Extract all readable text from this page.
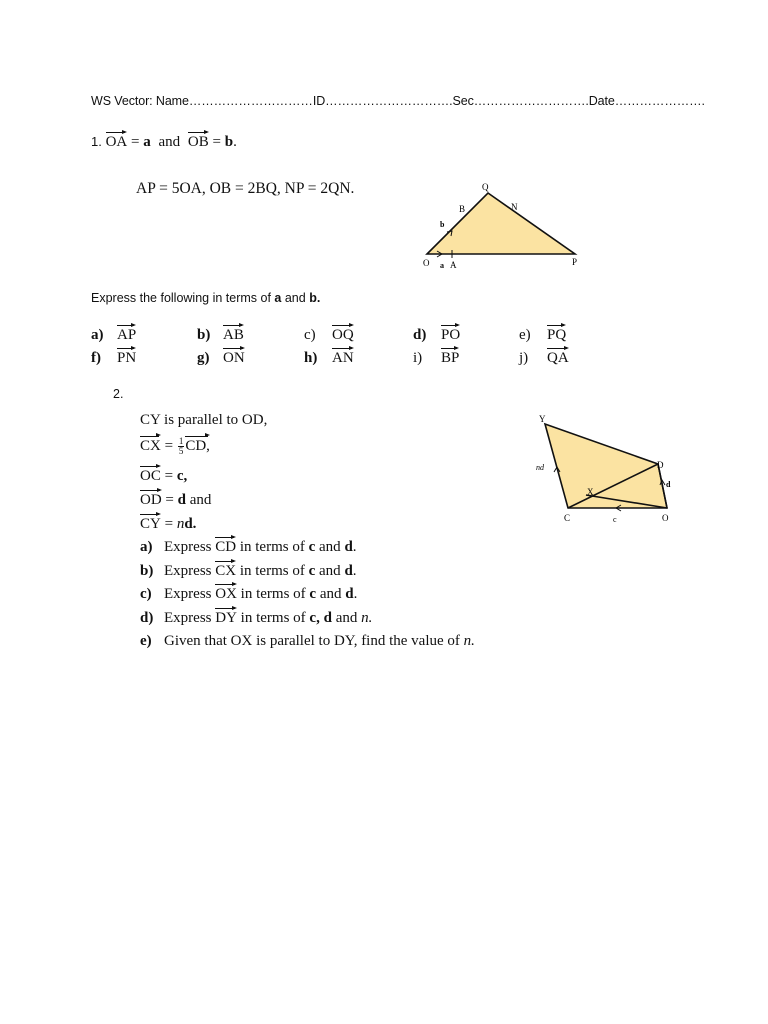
WS Vector: Name…………………………ID………………………….Sec……………………….Date………………….
1. OA = a and OB = b.
AP = 5OA, OB = 2BQ, NP = 2QN.
O a A	P
Q
B	N
b
Express the following in terms of a and b.
a) AP	b) AB	c) OQ	d) PO	e) PQ
f) PN	g) ON	h) AN	i) BP	j) QA
2.
CY is parallel to OD,
CX = $\frac{1}{5}$ CD,
OC = c,
OD = d and
CY = nd.
a) Express CD in terms of c and d.
b) Express CX in terms of c and d.
c) Express OX in terms of c and d.
d) Express DY in terms of c, d and n.
e) Given that OX is parallel to DY, find the value of n.
Y
D
C	O
X
nd
d
c
